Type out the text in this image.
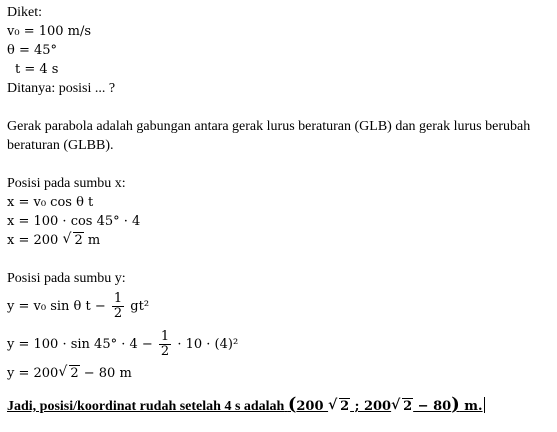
Diket:
v₀ = 100 m/s
θ = 45°
t = 4 s
Ditanya: posisi ... ?
Gerak parabola adalah gabungan antara gerak lurus beraturan (GLB) dan gerak lurus berubah beraturan (GLBB).
Posisi pada sumbu x:
x = v₀ cos θ t
x = 100 · cos 45° · 4
x = 200 √ 2 m
Posisi pada sumbu y:
y = v₀ sin θ $t - \frac{1}{2} gt^2$
$y = 100 \cdot \sin 45^\circ \cdot 4 - \frac{1}{2} \cdot 10 \cdot (4)^2$
y = 200 √ 2 − 80 m
Jadi, posisi/koordinat rudah setelah 4 s adalah (200 √ 2 ; 200 √ 2 − 80) m.
